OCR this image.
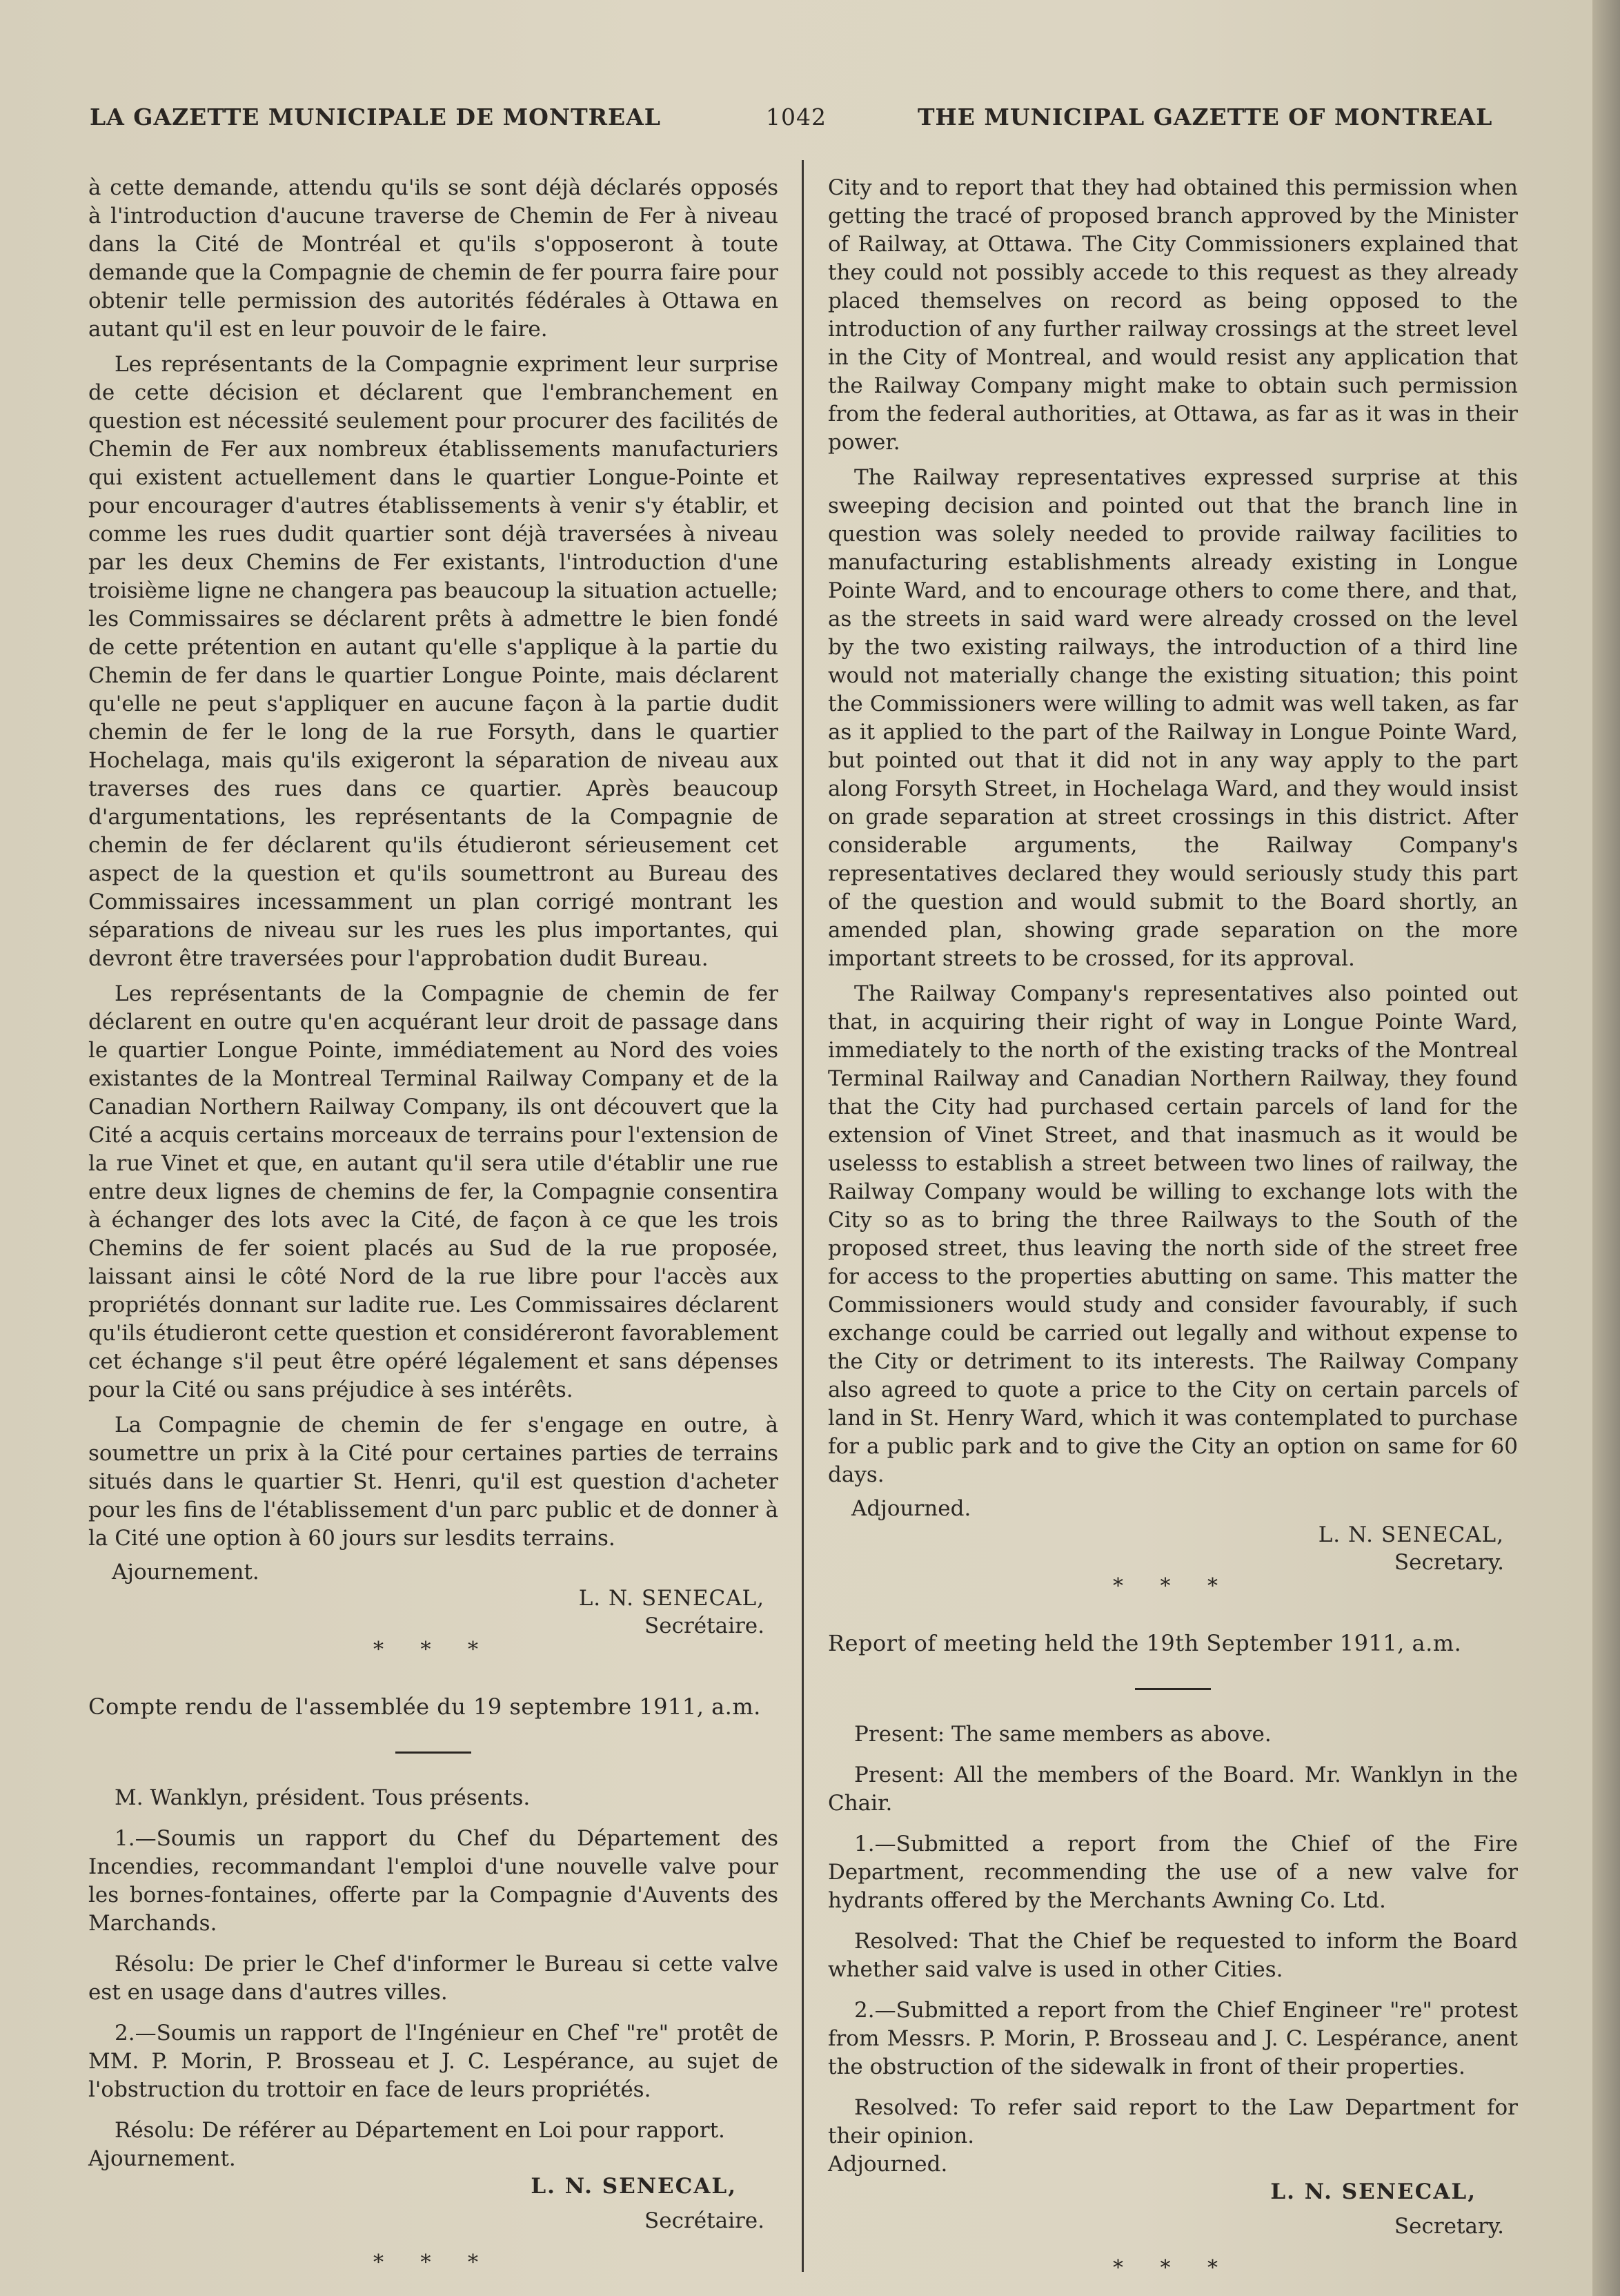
LA GAZETTE MUNICIPALE DE MONTREAL	1042	THE MUNICIPAL GAZETTE OF MONTREAL

à cette demande, attendu qu'ils se sont déjà déclarés opposés à l'introduction d'aucune traverse de Chemin de Fer à niveau dans la Cité de Montréal et qu'ils s'opposeront à toute demande que la Compagnie de chemin de fer pourra faire pour obtenir telle permission des autorités fédérales à Ottawa en autant qu'il est en leur pouvoir de le faire.

Les représentants de la Compagnie expriment leur surprise de cette décision et déclarent que l'embranchement en question est nécessité seulement pour procurer des facilités de Chemin de Fer aux nombreux établissements manufacturiers qui existent actuellement dans le quartier Longue-Pointe et pour encourager d'autres établissements à venir s'y établir, et comme les rues dudit quartier sont déjà traversées à niveau par les deux Chemins de Fer existants, l'introduction d'une troisième ligne ne changera pas beaucoup la situation actuelle; les Commissaires se déclarent prêts à admettre le bien fondé de cette prétention en autant qu'elle s'applique à la partie du Chemin de fer dans le quartier Longue Pointe, mais déclarent qu'elle ne peut s'appliquer en aucune façon à la partie dudit chemin de fer le long de la rue Forsyth, dans le quartier Hochelaga, mais qu'ils exigeront la séparation de niveau aux traverses des rues dans ce quartier. Après beaucoup d'argumentations, les représentants de la Compagnie de chemin de fer déclarent qu'ils étudieront sérieusement cet aspect de la question et qu'ils soumettront au Bureau des Commissaires incessamment un plan corrigé montrant les séparations de niveau sur les rues les plus importantes, qui devront être traversées pour l'approbation dudit Bureau.

Les représentants de la Compagnie de chemin de fer déclarent en outre qu'en acquérant leur droit de passage dans le quartier Longue Pointe, immédiatement au Nord des voies existantes de la Montreal Terminal Railway Company et de la Canadian Northern Railway Company, ils ont découvert que la Cité a acquis certains morceaux de terrains pour l'extension de la rue Vinet et que, en autant qu'il sera utile d'établir une rue entre deux lignes de chemins de fer, la Compagnie consentira à échanger des lots avec la Cité, de façon à ce que les trois Chemins de fer soient placés au Sud de la rue proposée, laissant ainsi le côté Nord de la rue libre pour l'accès aux propriétés donnant sur ladite rue. Les Commissaires déclarent qu'ils étudieront cette question et considéreront favorablement cet échange s'il peut être opéré légalement et sans dépenses pour la Cité ou sans préjudice à ses intérêts.

La Compagnie de chemin de fer s'engage en outre, à soumettre un prix à la Cité pour certaines parties de terrains situés dans le quartier St. Henri, qu'il est question d'acheter pour les fins de l'établissement d'un parc public et de donner à la Cité une option à 60 jours sur lesdits terrains.

Ajournement.
L. N. SENECAL,
Secrétaire.
* * *
Compte rendu de l'assemblée du 19 septembre 1911, a.m.

M. Wanklyn, président. Tous présents.

1.—Soumis un rapport du Chef du Département des Incendies, recommandant l'emploi d'une nouvelle valve pour les bornes-fontaines, offerte par la Compagnie d'Auvents des Marchands.

Résolu: De prier le Chef d'informer le Bureau si cette valve est en usage dans d'autres villes.

2.—Soumis un rapport de l'Ingénieur en Chef "re" protêt de MM. P. Morin, P. Brosseau et J. C. Lespérance, au sujet de l'obstruction du trottoir en face de leurs propriétés.

Résolu: De référer au Département en Loi pour rapport.

Ajournement.
L. N. SENECAL,
Secrétaire.
* * *

City and to report that they had obtained this permission when getting the tracé of proposed branch approved by the Minister of Railway, at Ottawa. The City Commissioners explained that they could not possibly accede to this request as they already placed themselves on record as being opposed to the introduction of any further railway crossings at the street level in the City of Montreal, and would resist any application that the Railway Company might make to obtain such permission from the federal authorities, at Ottawa, as far as it was in their power.

The Railway representatives expressed surprise at this sweeping decision and pointed out that the branch line in question was solely needed to provide railway facilities to manufacturing establishments already existing in Longue Pointe Ward, and to encourage others to come there, and that, as the streets in said ward were already crossed on the level by the two existing railways, the introduction of a third line would not materially change the existing situation; this point the Commissioners were willing to admit was well taken, as far as it applied to the part of the Railway in Longue Pointe Ward, but pointed out that it did not in any way apply to the part along Forsyth Street, in Hochelaga Ward, and they would insist on grade separation at street crossings in this district. After considerable arguments, the Railway Company's representatives declared they would seriously study this part of the question and would submit to the Board shortly, an amended plan, showing grade separation on the more important streets to be crossed, for its approval.

The Railway Company's representatives also pointed out that, in acquiring their right of way in Longue Pointe Ward, immediately to the north of the existing tracks of the Montreal Terminal Railway and Canadian Northern Railway, they found that the City had purchased certain parcels of land for the extension of Vinet Street, and that inasmuch as it would be uselesss to establish a street between two lines of railway, the Railway Company would be willing to exchange lots with the City so as to bring the three Railways to the South of the proposed street, thus leaving the north side of the street free for access to the properties abutting on same. This matter the Commissioners would study and consider favourably, if such exchange could be carried out legally and without expense to the City or detriment to its interests. The Railway Company also agreed to quote a price to the City on certain parcels of land in St. Henry Ward, which it was contemplated to purchase for a public park and to give the City an option on same for 60 days.

Adjourned.
L. N. SENECAL,
Secretary.
* * *
Report of meeting held the 19th September 1911, a.m.

Present: The same members as above.

Present: All the members of the Board. Mr. Wanklyn in the Chair.

1.—Submitted a report from the Chief of the Fire Department, recommending the use of a new valve for hydrants offered by the Merchants Awning Co. Ltd.

Resolved: That the Chief be requested to inform the Board whether said valve is used in other Cities.

2.—Submitted a report from the Chief Engineer "re" protest from Messrs. P. Morin, P. Brosseau and J. C. Lespérance, anent the obstruction of the sidewalk in front of their properties.

Resolved: To refer said report to the Law Department for their opinion.

Adjourned.
L. N. SENECAL,
Secretary.
* * *
